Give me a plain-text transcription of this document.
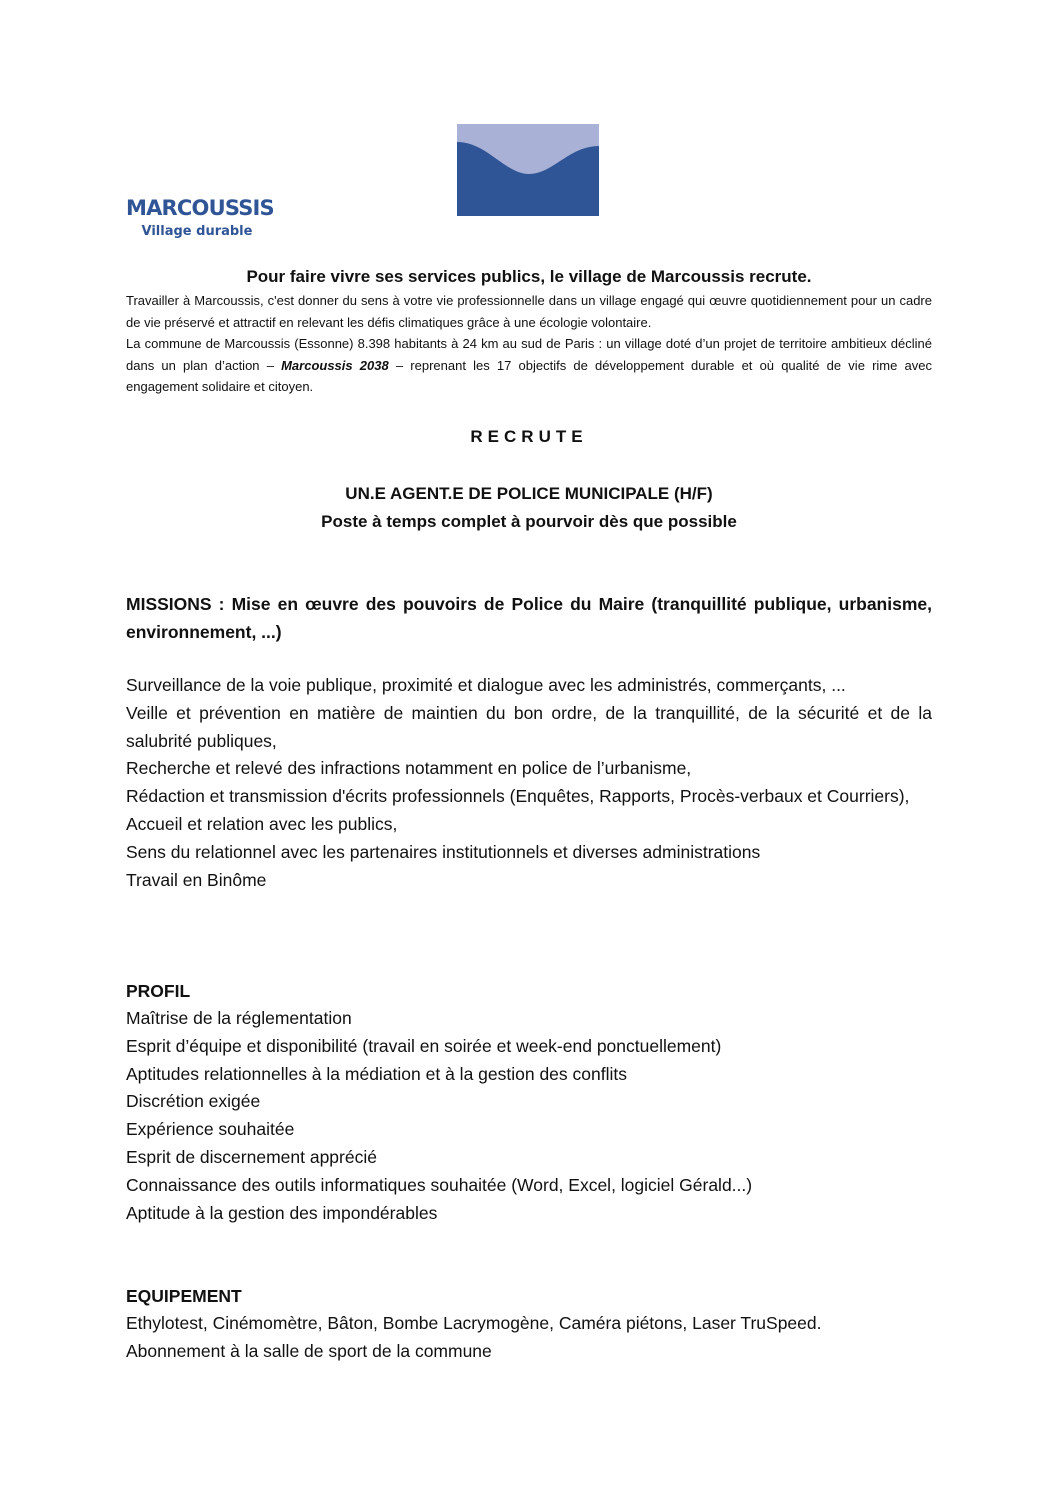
MARCOUSSIS
Village durable
Pour faire vivre ses services publics, le village de Marcoussis recrute.

Travailler à Marcoussis, c'est donner du sens à votre vie professionnelle dans un village engagé qui œuvre quotidiennement pour un cadre de vie préservé et attractif en relevant les défis climatiques grâce à une écologie volontaire.

La commune de Marcoussis (Essonne) 8.398 habitants à 24 km au sud de Paris : un village doté d’un projet de territoire ambitieux décliné dans un plan d’action – Marcoussis 2038 – reprenant les 17 objectifs de développement durable et où qualité de vie rime avec engagement solidaire et citoyen.

RECRUTE
UN.E AGENT.E DE POLICE MUNICIPALE (H/F)
Poste à temps complet à pourvoir dès que possible
MISSIONS : Mise en œuvre des pouvoirs de Police du Maire (tranquillité publique, urbanisme, environnement, ...)
Surveillance de la voie publique, proximité et dialogue avec les administrés, commerçants, ...
Veille et prévention en matière de maintien du bon ordre, de la tranquillité, de la sécurité et de la salubrité publiques,
Recherche et relevé des infractions notamment en police de l’urbanisme,
Rédaction et transmission d'écrits professionnels (Enquêtes, Rapports, Procès-verbaux et Courriers),
Accueil et relation avec les publics,
Sens du relationnel avec les partenaires institutionnels et diverses administrations
Travail en Binôme
PROFIL
Maîtrise de la réglementation
Esprit d’équipe et disponibilité (travail en soirée et week-end ponctuellement)
Aptitudes relationnelles à la médiation et à la gestion des conflits
Discrétion exigée
Expérience souhaitée
Esprit de discernement apprécié
Connaissance des outils informatiques souhaitée (Word, Excel, logiciel Gérald...)
Aptitude à la gestion des impondérables
EQUIPEMENT
Ethylotest, Cinémomètre, Bâton, Bombe Lacrymogène, Caméra piétons, Laser TruSpeed.
Abonnement à la salle de sport de la commune
